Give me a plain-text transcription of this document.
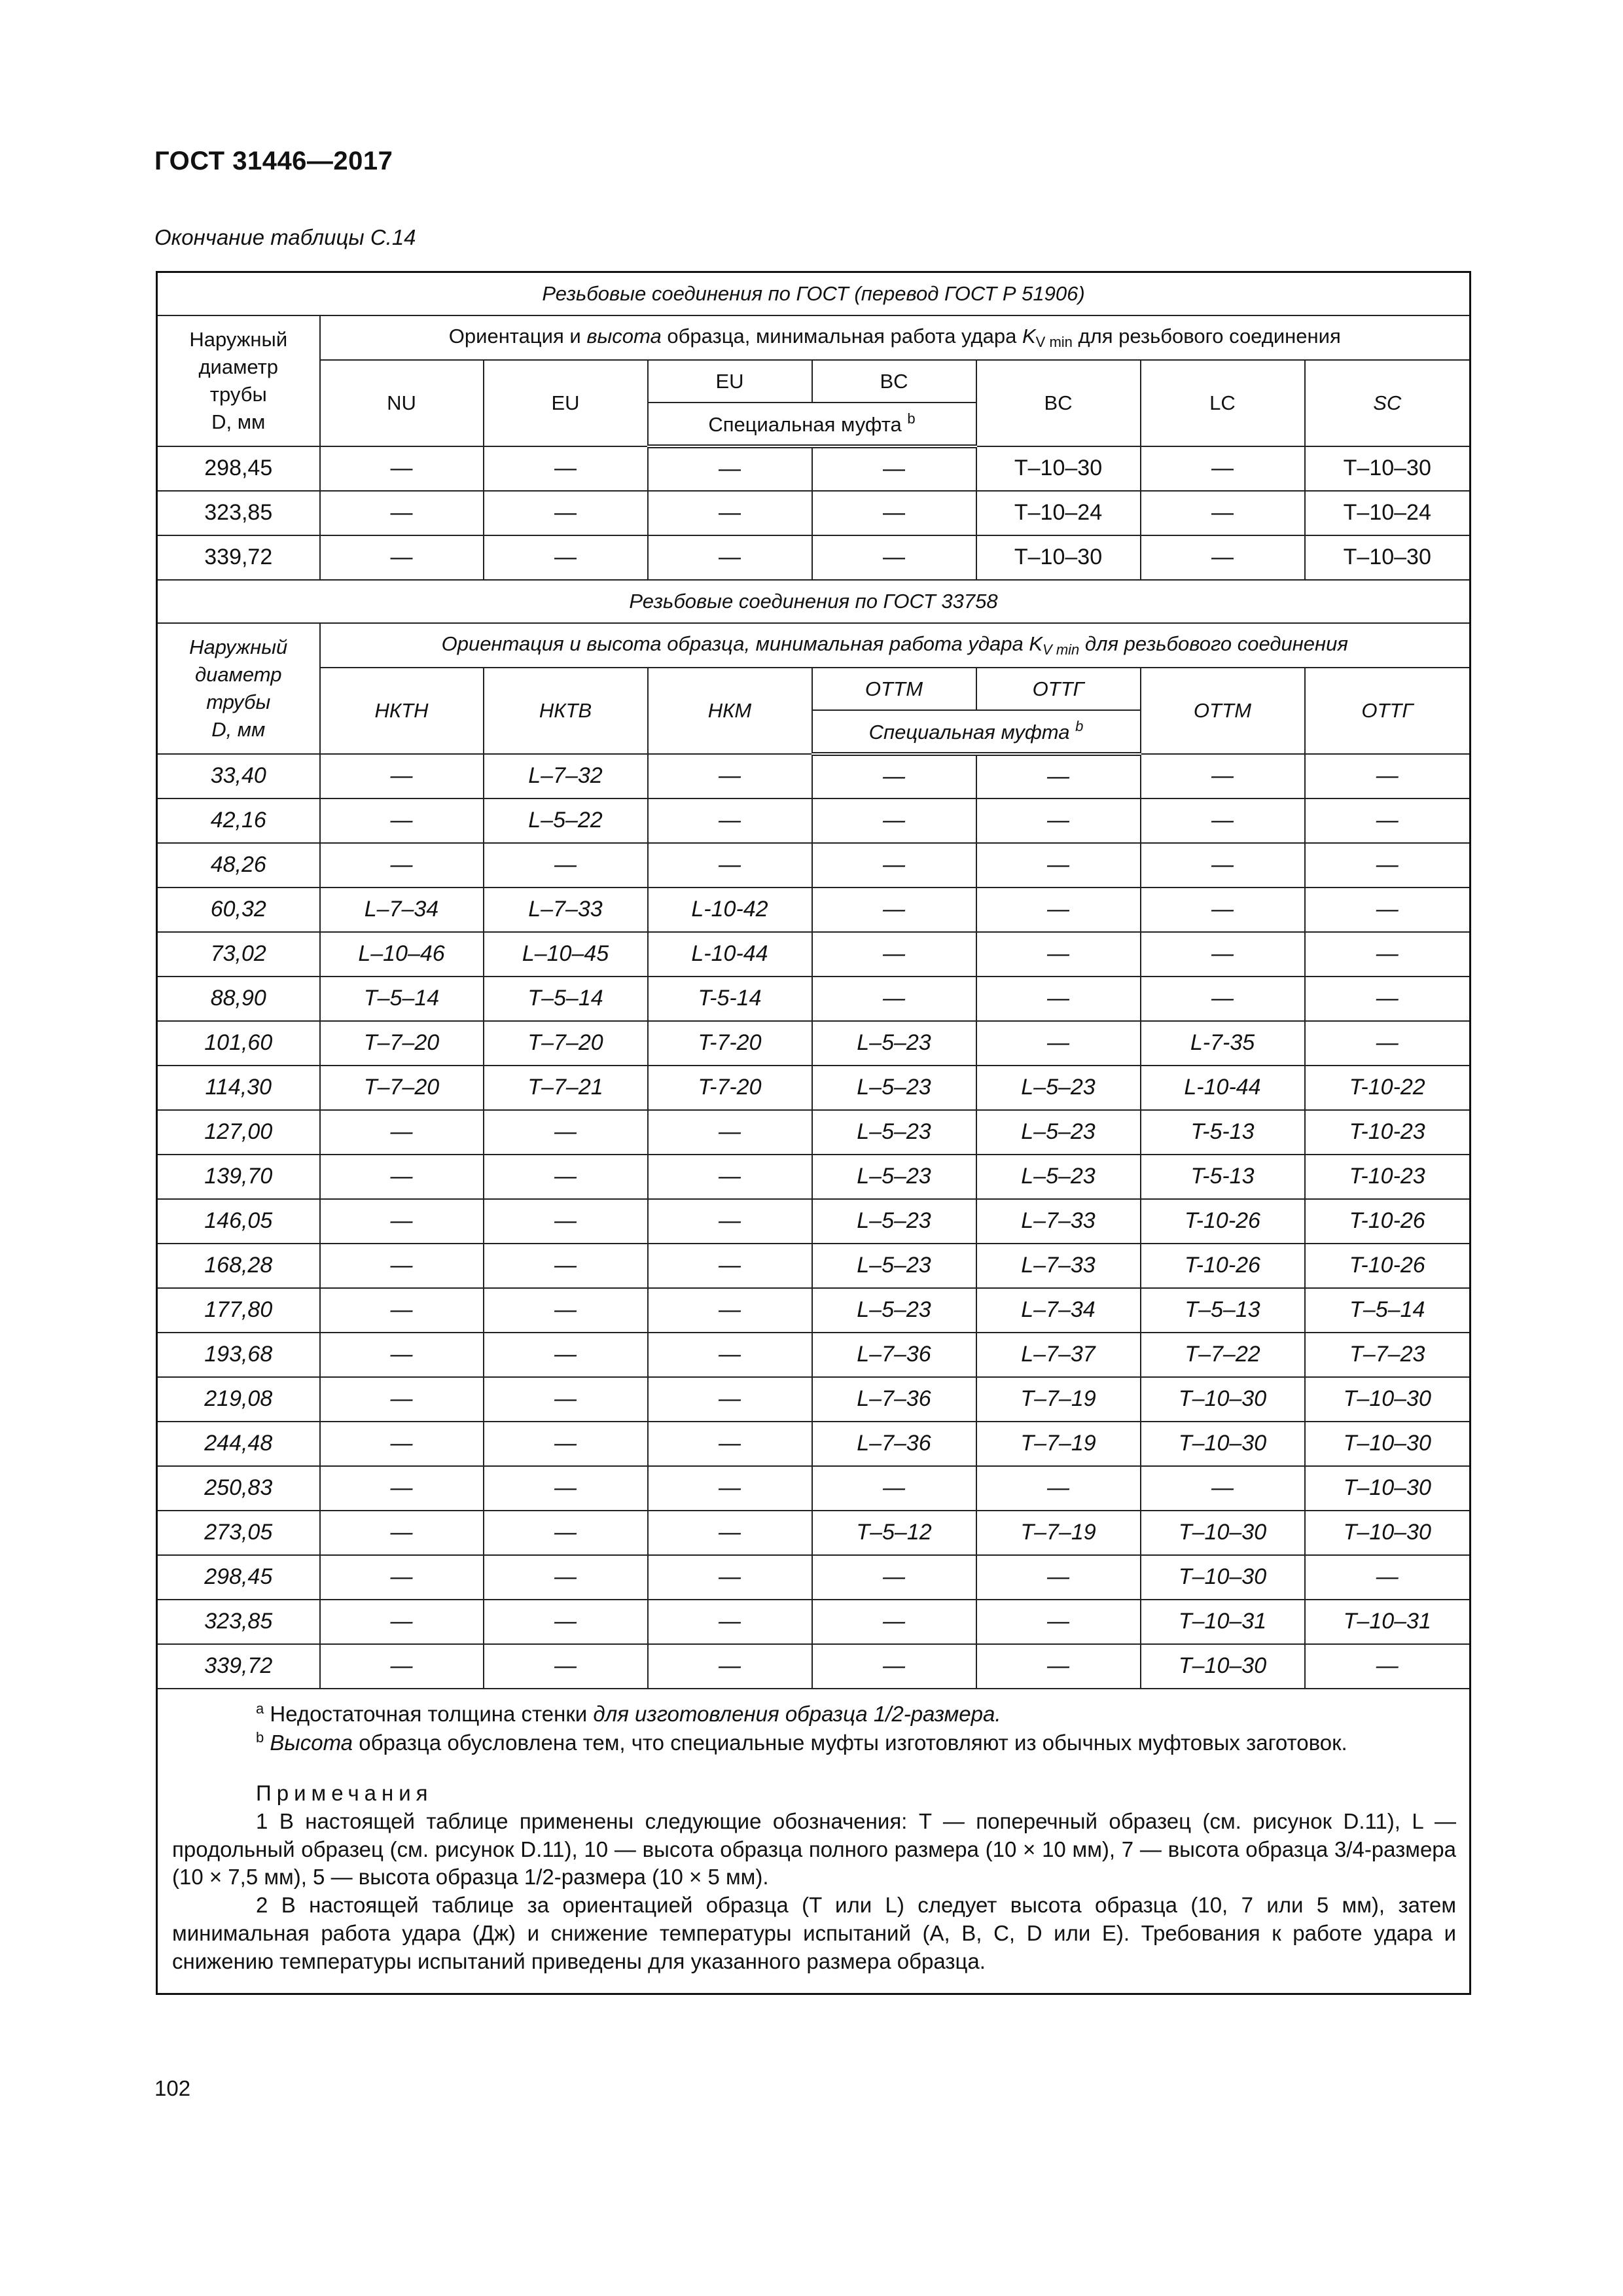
ГОСТ 31446—2017
Окончание таблицы С.14
Резьбовые соединения по ГОСТ (перевод ГОСТ Р 51906)							
Наружный
диаметр
трубы
D, мм	Ориентация и высота образца, минимальная работа удара $K_{V min}$ для резьбового соединения						
	NU	EU	EU	BC	BC	LC	SC
			Специальная муфта $^b$
298,45	—	—	—	—	T–10–30	—	T–10–30
323,85	—	—	—	—	T–10–24	—	T–10–24
339,72	—	—	—	—	T–10–30	—	T–10–30
Резьбовые соединения по ГОСТ 33758							
Наружный
диаметр
трубы
D, мм	Ориентация и высота образца, минимальная работа удара $K_{V min}$ для резьбового соединения						
	НКТН	НКТВ	НКМ	ОТТМ	ОТТГ	ОТТМ	ОТТГ
				Специальная муфта $^b$
33,40	—	L–7–32	—	—	—	—	—
42,16	—	L–5–22	—	—	—	—	—
48,26	—	—	—	—	—	—	—
60,32	L–7–34	L–7–33	L-10-42	—	—	—	—
73,02	L–10–46	L–10–45	L-10-44	—	—	—	—
88,90	T–5–14	T–5–14	T-5-14	—	—	—	—
101,60	T–7–20	T–7–20	T-7-20	L–5–23	—	L-7-35	—
114,30	T–7–20	T–7–21	T-7-20	L–5–23	L–5–23	L-10-44	T-10-22
127,00	—	—	—	L–5–23	L–5–23	T-5-13	T-10-23
139,70	—	—	—	L–5–23	L–5–23	T-5-13	T-10-23
146,05	—	—	—	L–5–23	L–7–33	T-10-26	T-10-26
168,28	—	—	—	L–5–23	L–7–33	T-10-26	T-10-26
177,80	—	—	—	L–5–23	L–7–34	T–5–13	T–5–14
193,68	—	—	—	L–7–36	L–7–37	T–7–22	T–7–23
219,08	—	—	—	L–7–36	T–7–19	T–10–30	T–10–30
244,48	—	—	—	L–7–36	T–7–19	T–10–30	T–10–30
250,83	—	—	—	—	—	—	T–10–30
273,05	—	—	—	T–5–12	T–7–19	T–10–30	T–10–30
298,45	—	—	—	—	—	T–10–30	—
323,85	—	—	—	—	—	T–10–31	T–10–31
339,72	—	—	—	—	—	T–10–30	—

$^a$ Недостаточная толщина стенки для изготовления образца 1/2-размера.
$^b$ Высота образца обусловлена тем, что специальные муфты изготовляют из обычных муфтовых заготовок.
Примечания
1 В настоящей таблице применены следующие обозначения: T — поперечный образец (см. рисунок D.11), L — продольный образец (см. рисунок D.11), 10 — высота образца полного размера (10 × 10 мм), 7 — высота образца 3/4-размера (10 × 7,5 мм), 5 — высота образца 1/2-размера (10 × 5 мм).
2 В настоящей таблице за ориентацией образца (T или L) следует высота образца (10, 7 или 5 мм), затем минимальная работа удара (Дж) и снижение температуры испытаний (A, B, C, D или E). Требования к работе удара и снижению температуры испытаний приведены для указанного размера образца.							
102
